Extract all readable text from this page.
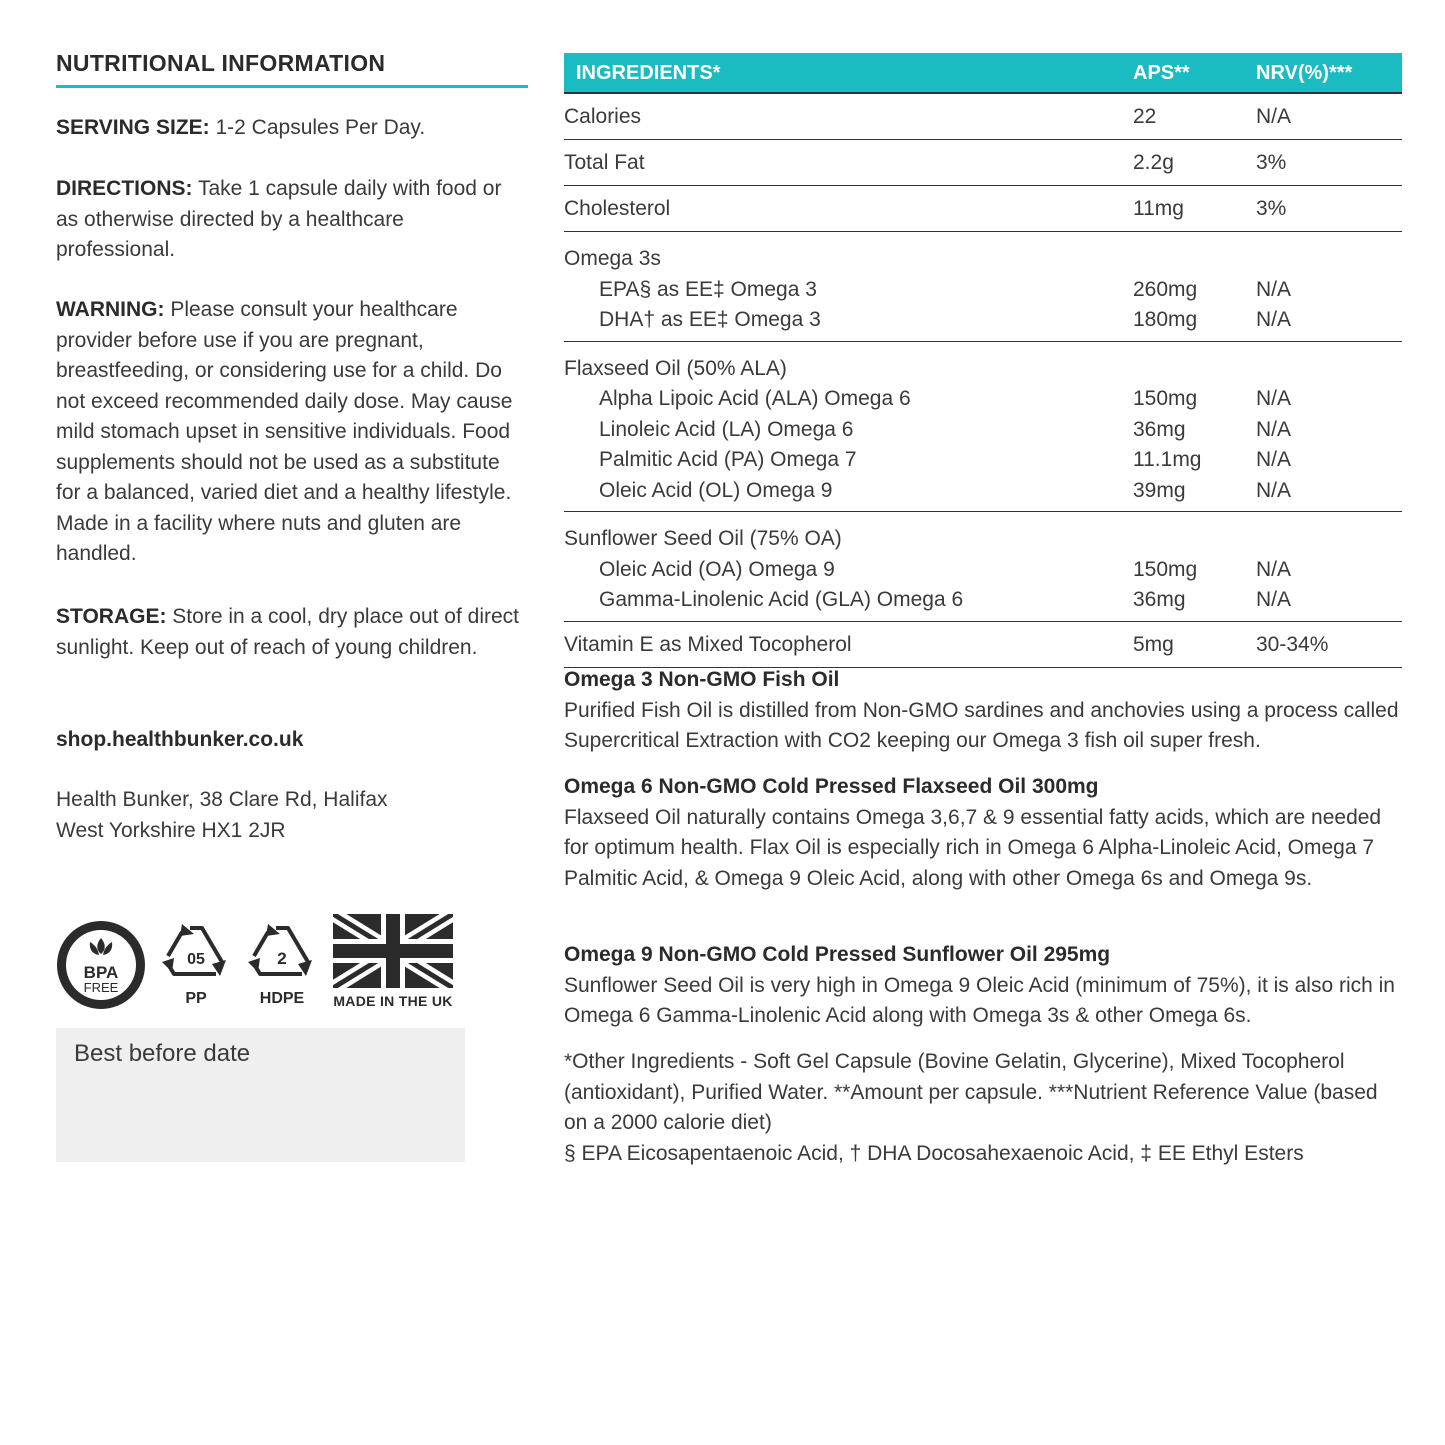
NUTRITIONAL INFORMATION

SERVING SIZE: 1-2 Capsules Per Day.

DIRECTIONS: Take 1 capsule daily with food or as otherwise directed by a healthcare professional.

WARNING: Please consult your healthcare provider before use if you are pregnant, breastfeeding, or considering use for a child. Do not exceed recommended daily dose. May cause mild stomach upset in sensitive individuals. Food supplements should not be used as a substitute for a balanced, varied diet and a healthy lifestyle. Made in a facility where nuts and gluten are handled.

STORAGE: Store in a cool, dry place out of direct sunlight. Keep out of reach of young children.

shop.healthbunker.co.uk

Health Bunker, 38 Clare Rd, Halifax
West Yorkshire HX1 2JR

BPA
FREE
05
PP
2
HDPE	MADE IN THE UK
Best before date
INGREDIENTS*	APS**	NRV(%)***
Calories	22	N/A
Total Fat	2.2g	3%
Cholesterol	11mg	3%
Omega 3s
EPA§ as EE‡ Omega 3	260mg	N/A
DHA† as EE‡ Omega 3	180mg	N/A
Flaxseed Oil (50% ALA)
Alpha Lipoic Acid (ALA) Omega 6	150mg	N/A
Linoleic Acid (LA) Omega 6	36mg	N/A
Palmitic Acid (PA) Omega 7	11.1mg	N/A
Oleic Acid (OL) Omega 9	39mg	N/A
Sunflower Seed Oil (75% OA)
Oleic Acid (OA) Omega 9	150mg	N/A
Gamma-Linolenic Acid (GLA) Omega 6	36mg	N/A
Vitamin E as Mixed Tocopherol	5mg	30-34%

Omega 3 Non-GMO Fish Oil
Purified Fish Oil is distilled from Non-GMO sardines and anchovies using a process called Supercritical Extraction with CO2 keeping our Omega 3 fish oil super fresh.

Omega 6 Non-GMO Cold Pressed Flaxseed Oil 300mg
Flaxseed Oil naturally contains Omega 3,6,7 & 9 essential fatty acids, which are needed for optimum health. Flax Oil is especially rich in Omega 6 Alpha-Linoleic Acid, Omega 7 Palmitic Acid, & Omega 9 Oleic Acid, along with other Omega 6s and Omega 9s.

Omega 9 Non-GMO Cold Pressed Sunflower Oil 295mg
Sunflower Seed Oil is very high in Omega 9 Oleic Acid (minimum of 75%), it is also rich in Omega 6 Gamma-Linolenic Acid along with Omega 3s & other Omega 6s.

*Other Ingredients - Soft Gel Capsule (Bovine Gelatin, Glycerine), Mixed Tocopherol (antioxidant), Purified Water. **Amount per capsule. ***Nutrient Reference Value (based on a 2000 calorie diet)
§ EPA Eicosapentaenoic Acid, † DHA Docosahexaenoic Acid, ‡ EE Ethyl Esters
